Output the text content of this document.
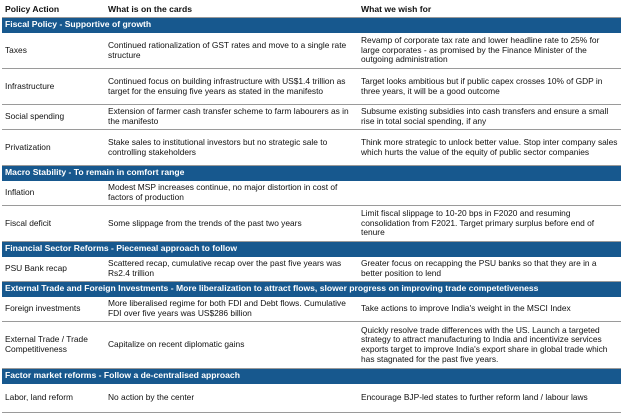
Policy Action	What is on the cards	What we wish for
Fiscal Policy - Supportive of growth		
Taxes	Continued rationalization of GST rates and move to a single rate structure	Revamp of corporate tax rate and lower headline rate to 25% for large corporates - as promised by the Finance Minister of the outgoing administration
Infrastructure	Continued focus on building infrastructure with US$1.4 trillion as target for the ensuing five years as stated in the manifesto	Target looks ambitious but if public capex crosses 10% of GDP in three years, it will be a good outcome
Social spending	Extension of farmer cash transfer scheme to farm labourers as in the manifesto	Subsume existing subsidies into cash transfers and ensure a small rise in total social spending, if any
Privatization	Stake sales to institutional investors but no strategic sale to controlling stakeholders	Think more strategic to unlock better value. Stop inter company sales which hurts the value of the equity of public sector companies
Macro Stability - To remain in comfort range		
Inflation	Modest MSP increases continue, no major distortion in cost of factors of production	
Fiscal deficit	Some slippage from the trends of the past two years	Limit fiscal slippage to 10-20 bps in F2020 and resuming consolidation from F2021. Target primary surplus before end of tenure
Financial Sector Reforms - Piecemeal approach to follow		
PSU Bank recap	Scattered recap, cumulative recap over the past five years was Rs2.4 trillion	Greater focus on recapping the PSU banks so that they are in a better position to lend
External Trade and Foreign Investments - More liberalization to attract flows, slower progress on improving trade competetiveness		
Foreign investments	More liberalised regime for both FDI and Debt flows. Cumulative FDI over five years was US$286 billion	Take actions to improve India's weight in the MSCI Index
External Trade / Trade Competitiveness	Capitalize on recent diplomatic gains	Quickly resolve trade differences with the US. Launch a targeted strategy to attract manufacturing to India and incentivize services exports target to improve India's export share in global trade which has stagnated for the past five years.
Factor market reforms - Follow a de-centralised approach		
Labor, land reform	No action by the center	Encourage BJP-led states to further reform land / labour laws
